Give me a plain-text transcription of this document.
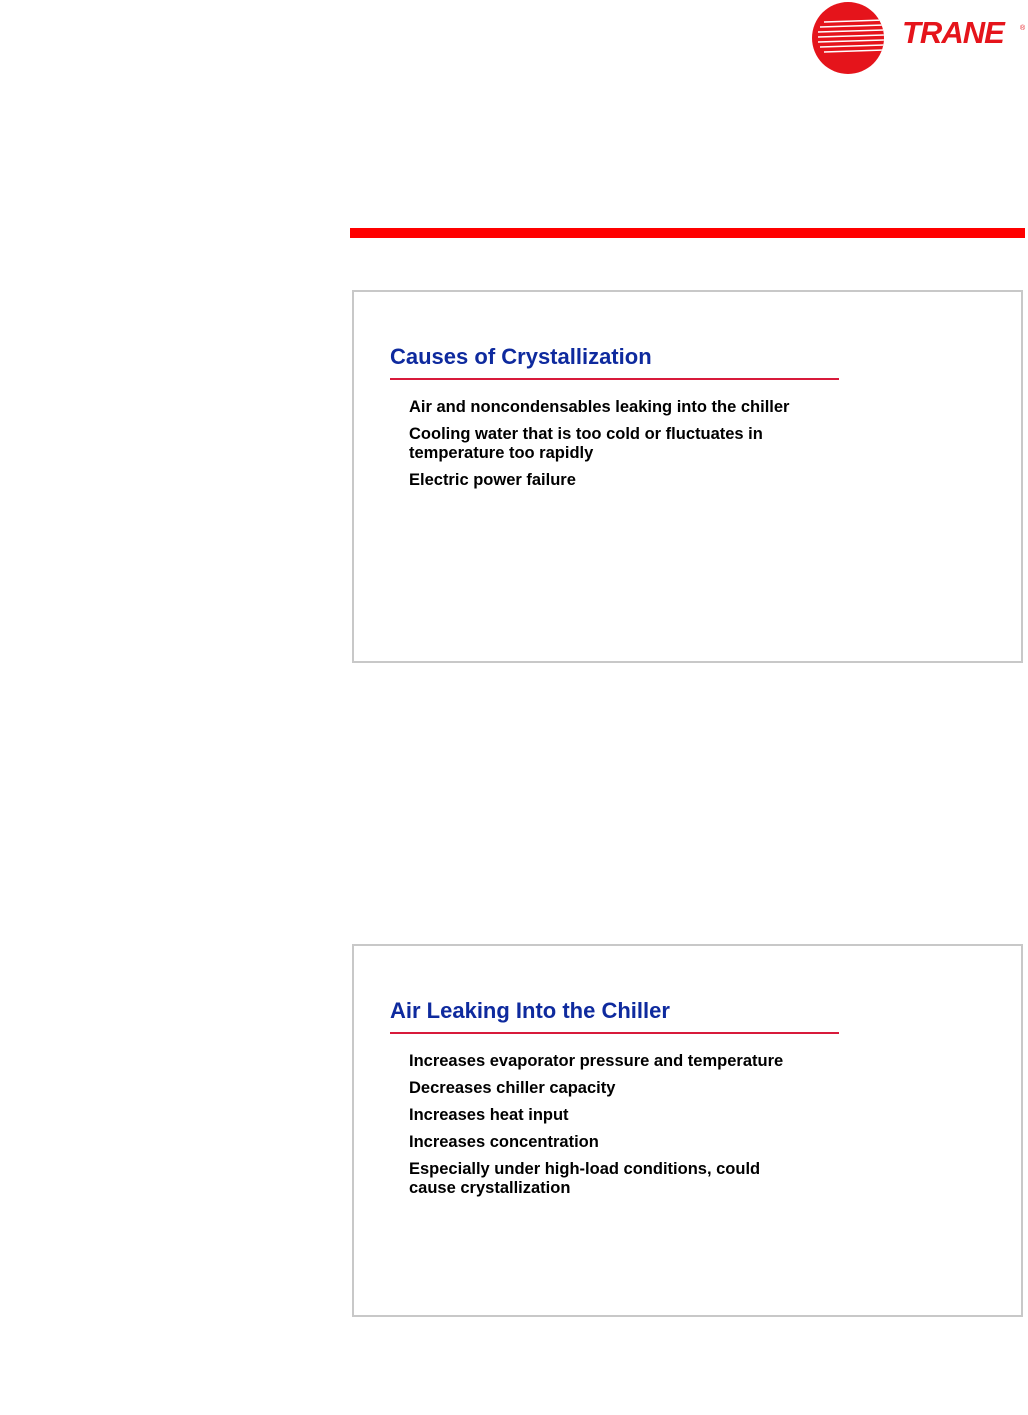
TRANE ®
Causes of Crystallization
Air and noncondensables leaking into the chiller
Cooling water that is too cold or fluctuates in temperature too rapidly
Electric power failure
Air Leaking Into the Chiller
Increases evaporator pressure and temperature
Decreases chiller capacity
Increases heat input
Increases concentration
Especially under high-load conditions, could cause crystallization
